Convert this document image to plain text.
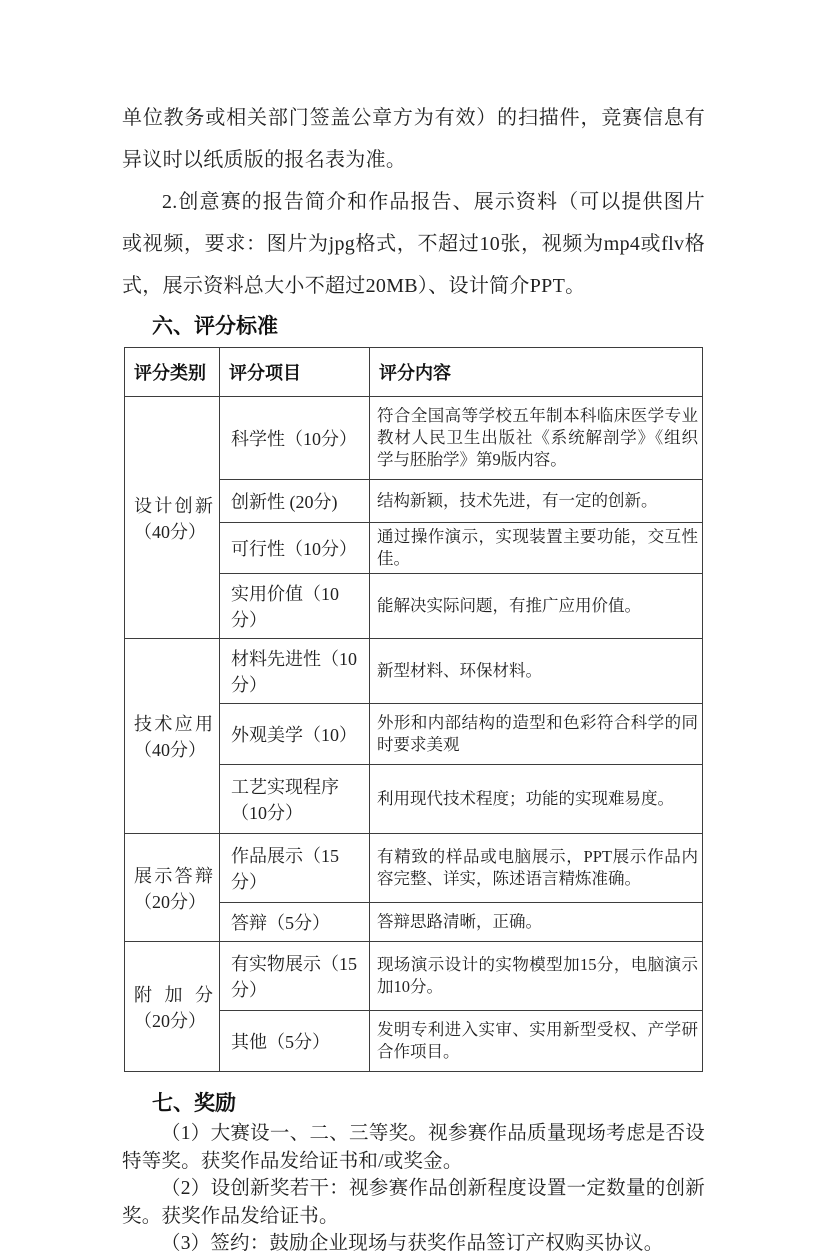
单位教务或相关部门签盖公章方为有效）的扫描件，竞赛信息有异议时以纸质版的报名表为准。

2.创意赛的报告简介和作品报告、展示资料（可以提供图片或视频，要求：图片为jpg格式，不超过10张，视频为mp4或flv格式，展示资料总大小不超过20MB）、设计简介PPT。

六、评分标准
评分类别	评分项目	评分内容
设计创新（40分）	科学性（10分）	符合全国高等学校五年制本科临床医学专业教材人民卫生出版社《系统解剖学》《组织学与胚胎学》第9版内容。
	创新性 (20分)	结构新颖，技术先进，有一定的创新。
	可行性（10分）	通过操作演示，实现装置主要功能，交互性佳。
	实用价值（10分）	能解决实际问题，有推广应用价值。
技术应用（40分）	材料先进性（10分）	新型材料、环保材料。
	外观美学（10）	外形和内部结构的造型和色彩符合科学的同时要求美观
	工艺实现程序（10分）	利用现代技术程度；功能的实现难易度。
展示答辩（20分）	作品展示（15分）	有精致的样品或电脑展示，PPT展示作品内容完整、详实，陈述语言精炼准确。
	答辩（5分）	答辩思路清晰，正确。
附加分（20分）	有实物展示（15分）	现场演示设计的实物模型加15分，电脑演示加10分。
	其他（5分）	发明专利进入实审、实用新型受权、产学研合作项目。
七、奖励

（1）大赛设一、二、三等奖。视参赛作品质量现场考虑是否设特等奖。获奖作品发给证书和/或奖金。

（2）设创新奖若干：视参赛作品创新程度设置一定数量的创新奖。获奖作品发给证书。

（3）签约：鼓励企业现场与获奖作品签订产权购买协议。
